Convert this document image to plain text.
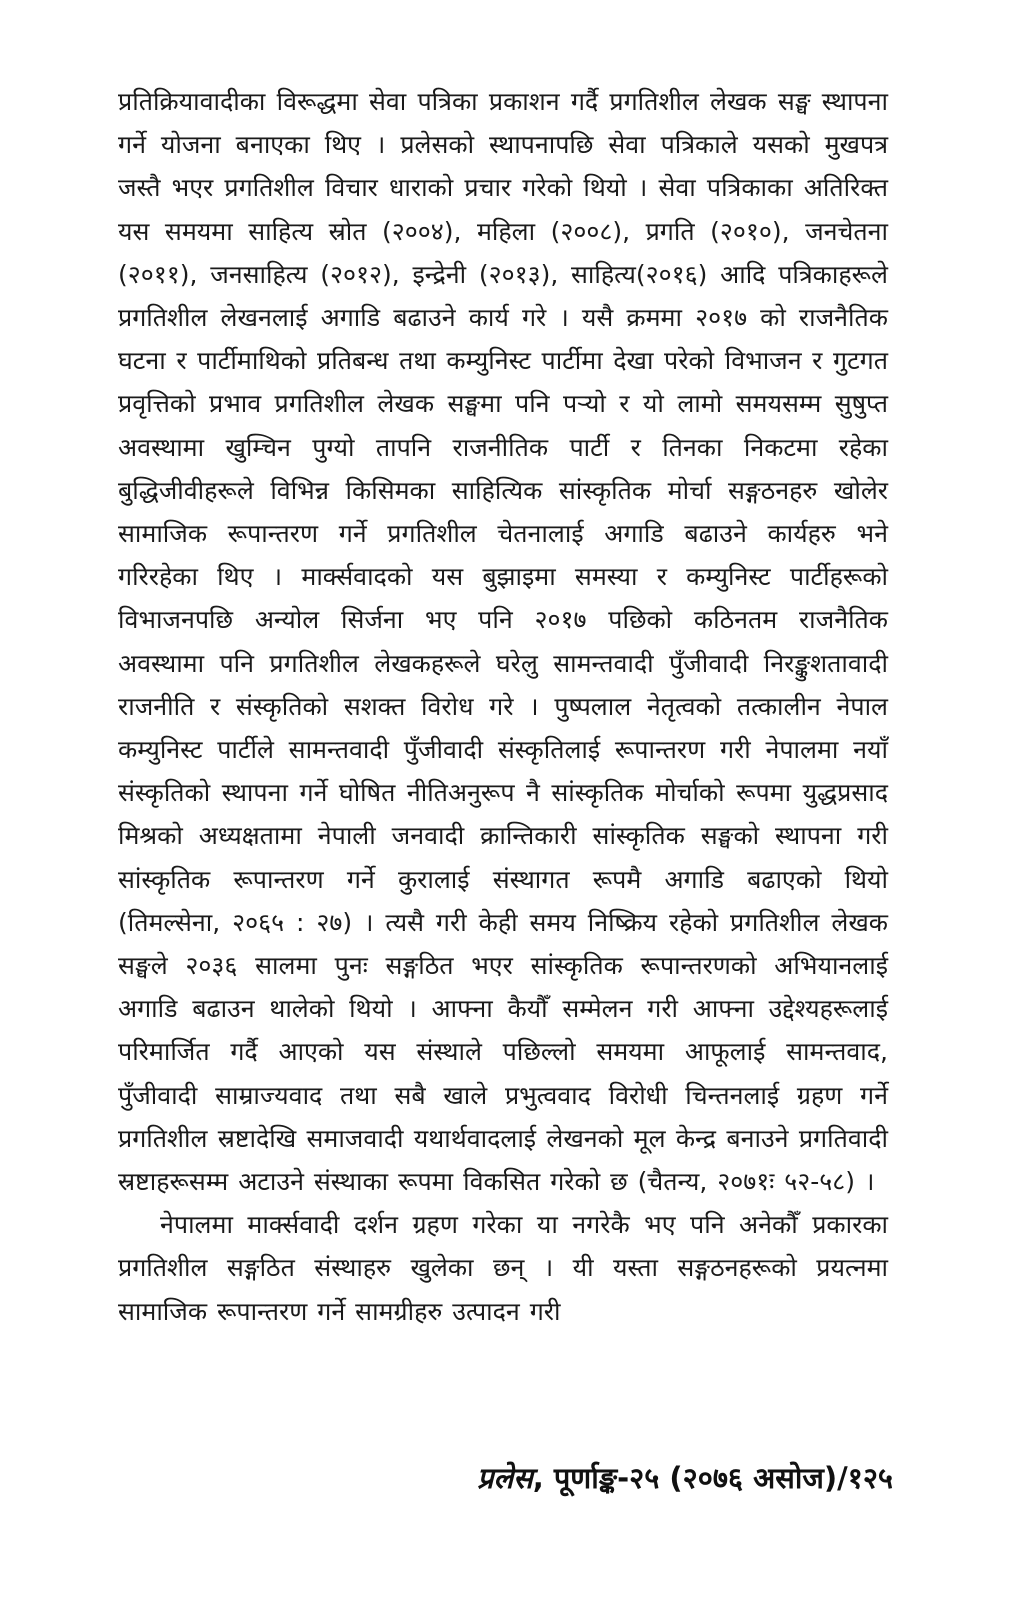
प्रतिक्रियावादीका विरूद्धमा सेवा पत्रिका प्रकाशन गर्दै प्रगतिशील लेखक सङ्घ स्थापना गर्ने योजना बनाएका थिए । प्रलेसको स्थापनापछि सेवा पत्रिकाले यसको मुखपत्र जस्तै भएर प्रगतिशील विचार धाराको प्रचार गरेको थियो । सेवा पत्रिकाका अतिरिक्त यस समयमा साहित्य स्रोत (२००४), महिला (२००८), प्रगति (२०१०), जनचेतना (२०११), जनसाहित्य (२०१२), इन्द्रेनी (२०१३), साहित्य(२०१६) आदि पत्रिकाहरूले प्रगतिशील लेखनलाई अगाडि बढाउने कार्य गरे । यसै क्रममा २०१७ को राजनैतिक घटना र पार्टीमाथिको प्रतिबन्ध तथा कम्युनिस्ट पार्टीमा देखा परेको विभाजन र गुटगत प्रवृत्तिको प्रभाव प्रगतिशील लेखक सङ्घमा पनि पर्‍यो र यो लामो समयसम्म सुषुप्त अवस्थामा खुम्चिन पुग्यो तापनि राजनीतिक पार्टी र तिनका निकटमा रहेका बुद्धिजीवीहरूले विभिन्न किसिमका साहित्यिक सांस्कृतिक मोर्चा सङ्गठनहरु खोलेर सामाजिक रूपान्तरण गर्ने प्रगतिशील चेतनालाई अगाडि बढाउने कार्यहरु भने गरिरहेका थिए । मार्क्सवादको यस बुझाइमा समस्या र कम्युनिस्ट पार्टीहरूको विभाजनपछि अन्योल सिर्जना भए पनि २०१७ पछिको कठिनतम राजनैतिक अवस्थामा पनि प्रगतिशील लेखकहरूले घरेलु सामन्तवादी पुँजीवादी निरङ्कुशतावादी राजनीति र संस्कृतिको सशक्त विरोध गरे । पुष्पलाल नेतृत्वको तत्कालीन नेपाल कम्युनिस्ट पार्टीले सामन्तवादी पुँजीवादी संस्कृतिलाई रूपान्तरण गरी नेपालमा नयाँ संस्कृतिको स्थापना गर्ने घोषित नीतिअनुरूप नै सांस्कृतिक मोर्चाको रूपमा युद्धप्रसाद मिश्रको अध्यक्षतामा नेपाली जनवादी क्रान्तिकारी सांस्कृतिक सङ्घको स्थापना गरी सांस्कृतिक रूपान्तरण गर्ने कुरालाई संस्थागत रूपमै अगाडि बढाएको थियो (तिमल्सेना, २०६५ : २७) । त्यसै गरी केही समय निष्क्रिय रहेको प्रगतिशील लेखक सङ्घले २०३६ सालमा पुनः सङ्गठित भएर सांस्कृतिक रूपान्तरणको अभियानलाई अगाडि बढाउन थालेको थियो । आफ्ना कैयौँ सम्मेलन गरी आफ्ना उद्देश्यहरूलाई परिमार्जित गर्दै आएको यस संस्थाले पछिल्लो समयमा आफूलाई सामन्तवाद, पुँजीवादी साम्राज्यवाद तथा सबै खाले प्रभुत्ववाद विरोधी चिन्तनलाई ग्रहण गर्ने प्रगतिशील स्रष्टादेखि समाजवादी यथार्थवादलाई लेखनको मूल केन्द्र बनाउने प्रगतिवादी स्रष्टाहरूसम्म अटाउने संस्थाका रूपमा विकसित गरेको छ (चैतन्य, २०७१ः ५२-५८) ।

नेपालमा मार्क्सवादी दर्शन ग्रहण गरेका या नगरेकै भए पनि अनेकौँ प्रकारका प्रगतिशील सङ्गठित संस्थाहरु खुलेका छन् । यी यस्ता सङ्गठनहरूको प्रयत्नमा सामाजिक रूपान्तरण गर्ने सामग्रीहरु उत्पादन गरी

प्रलेस, पूर्णाङ्क-२५ (२०७६ असोज)/१२५
